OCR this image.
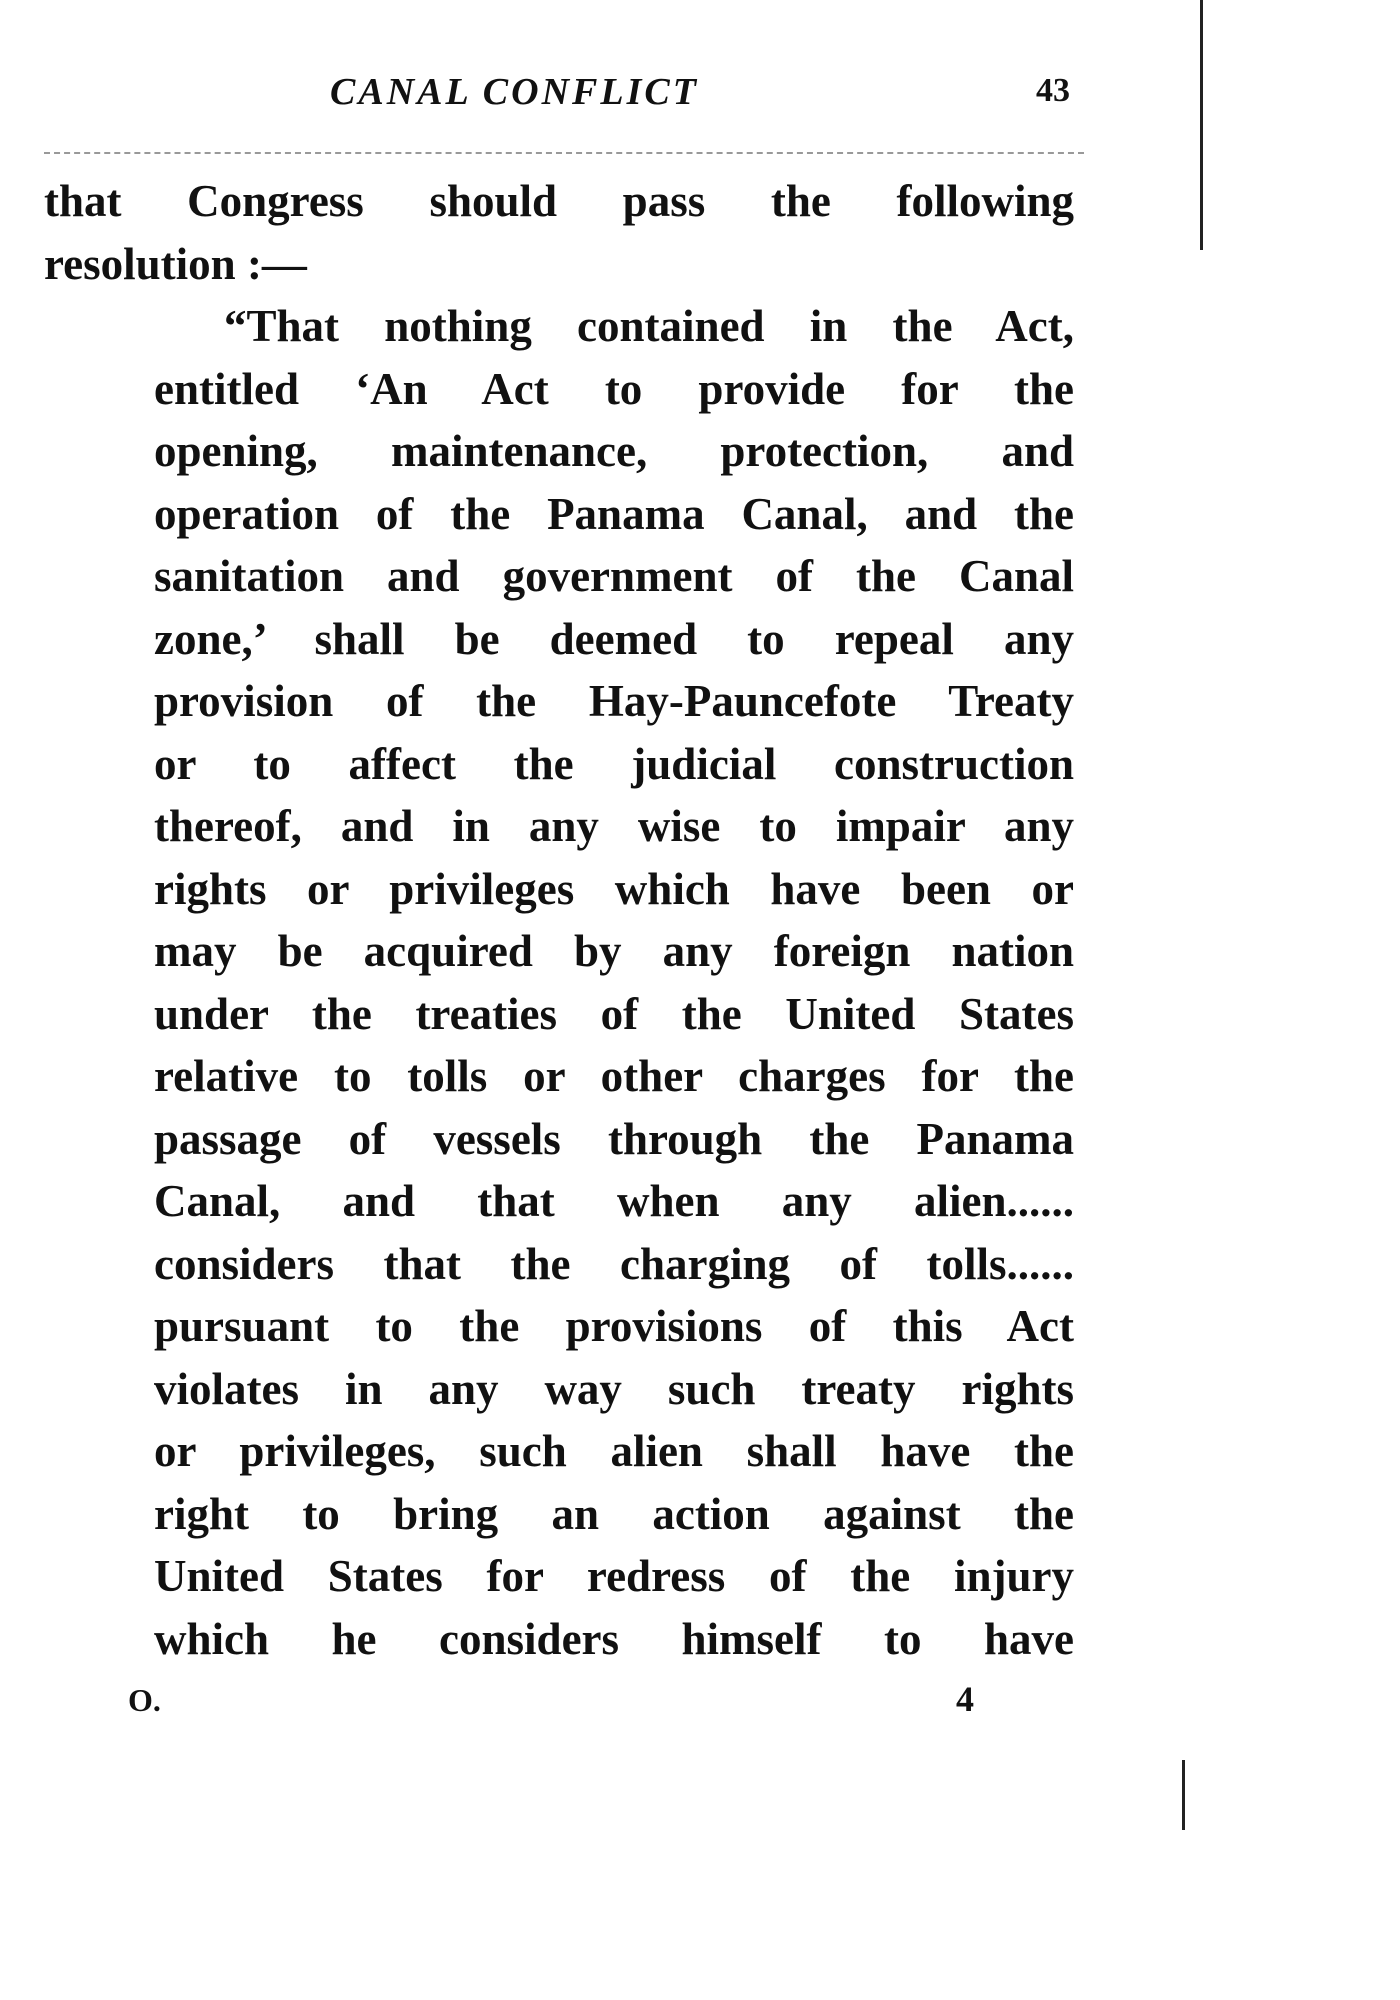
CANAL CONFLICT	43
that Congress should pass the following
resolution :—
“That nothing contained in the Act,
entitled ‘An Act to provide for the
opening, maintenance, protection, and
operation of the Panama Canal, and the
sanitation and government of the Canal
zone,’ shall be deemed to repeal any
provision of the Hay-Pauncefote Treaty
or to affect the judicial construction
thereof, and in any wise to impair any
rights or privileges which have been or
may be acquired by any foreign nation
under the treaties of the United States
relative to tolls or other charges for the
passage of vessels through the Panama
Canal, and that when any alien......
considers that the charging of tolls......
pursuant to the provisions of this Act
violates in any way such treaty rights
or privileges, such alien shall have the
right to bring an action against the
United States for redress of the injury
which he considers himself to have
O.	4
